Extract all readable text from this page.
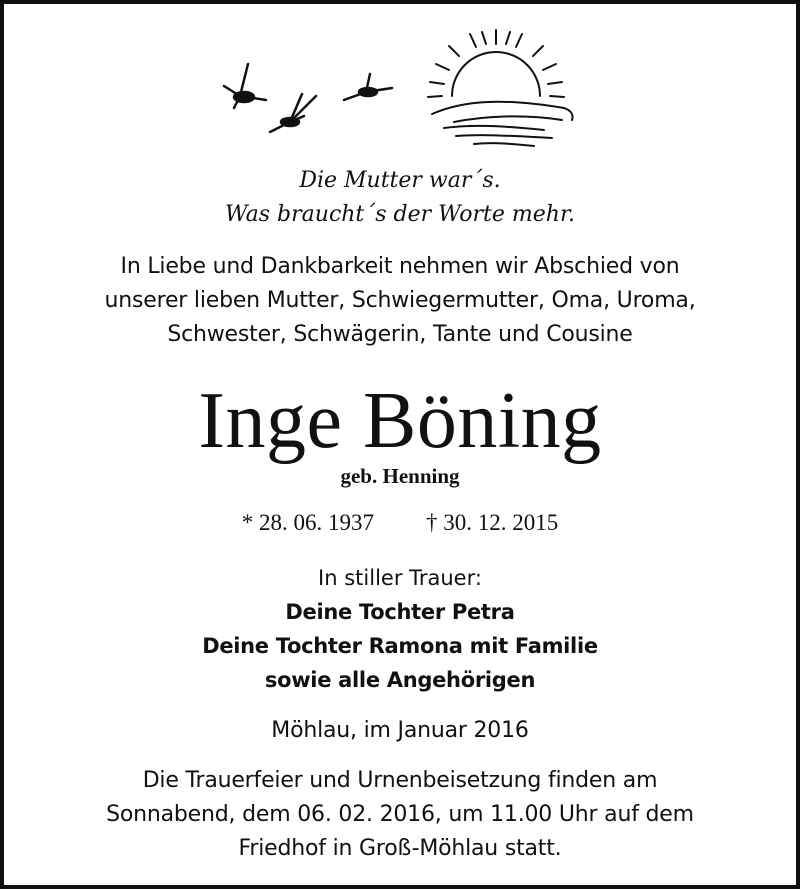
Die Mutter war´s.
Was braucht´s der Worte mehr.
In Liebe und Dankbarkeit nehmen wir Abschied von
unserer lieben Mutter, Schwiegermutter, Oma, Uroma,
Schwester, Schwägerin, Tante und Cousine
Inge Böning
geb. Henning
* 28. 06. 1937 † 30. 12. 2015
In stiller Trauer:
Deine Tochter Petra
Deine Tochter Ramona mit Familie
sowie alle Angehörigen
Möhlau, im Januar 2016
Die Trauerfeier und Urnenbeisetzung finden am
Sonnabend, dem 06. 02. 2016, um 11.00 Uhr auf dem
Friedhof in Groß-Möhlau statt.
